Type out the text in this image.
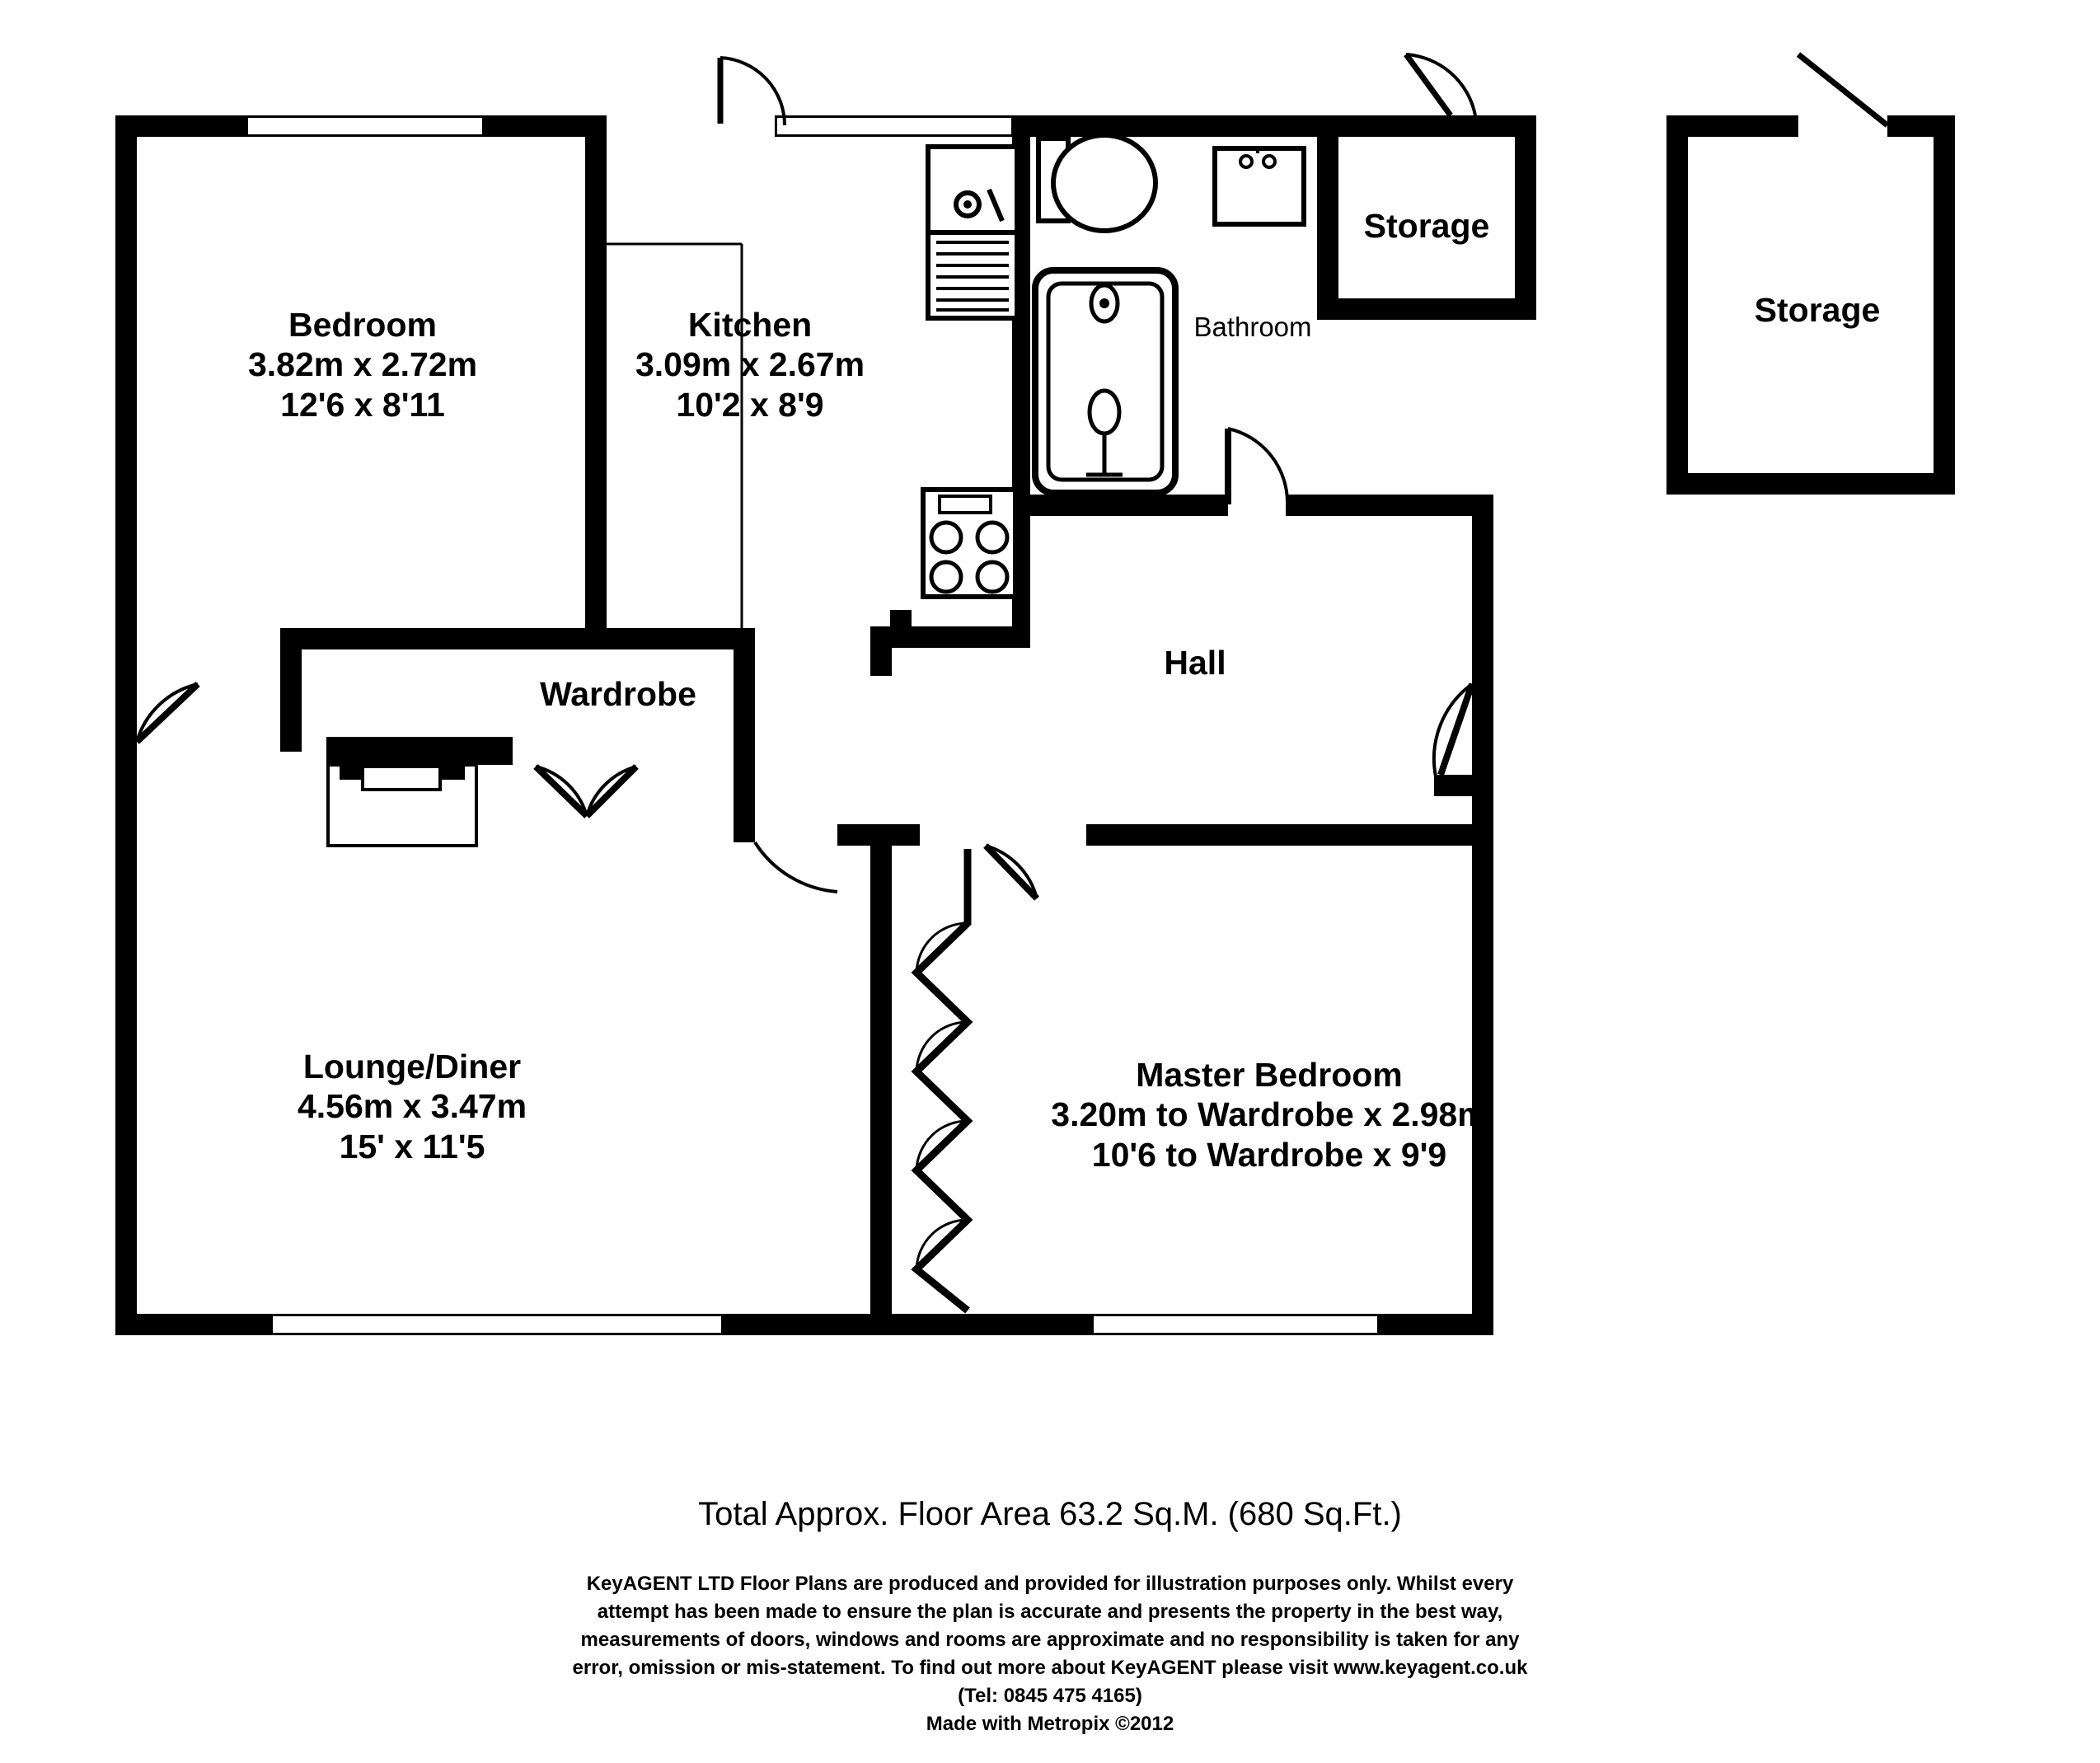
Bedroom
3.82m x 2.72m
12'6 x 8'11
Kitchen
3.09m x 2.67m
10'2 x 8'9
Lounge/Diner
4.56m x 3.47m
15' x 11'5
Master Bedroom
3.20m to Wardrobe x 2.98m
10'6 to Wardrobe x 9'9
Storage
Storage
Bathroom
Hall
Wardrobe
Total Approx. Floor Area 63.2 Sq.M. (680 Sq.Ft.)
KeyAGENT LTD Floor Plans are produced and provided for illustration purposes only. Whilst every
attempt has been made to ensure the plan is accurate and presents the property in the best way,
measurements of doors, windows and rooms are approximate and no responsibility is taken for any
error, omission or mis-statement. To find out more about KeyAGENT please visit www.keyagent.co.uk
(Tel: 0845 475 4165)
Made with Metropix ©2012
